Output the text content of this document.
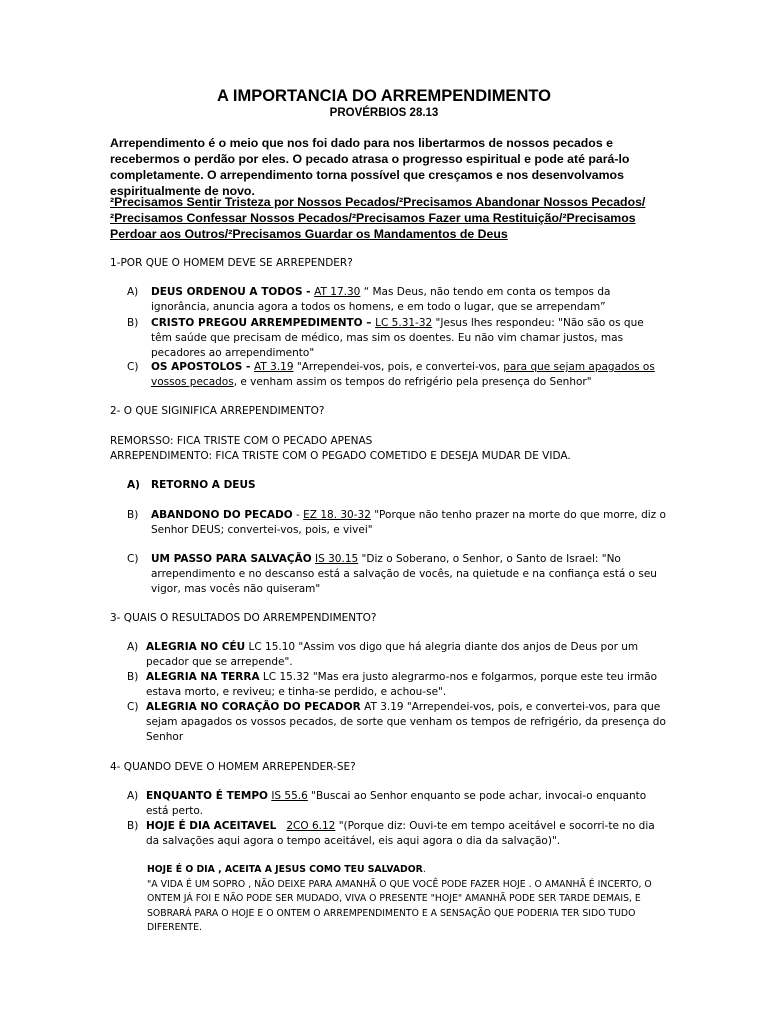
A IMPORTANCIA DO ARREMPENDIMENTO
PROVÉRBIOS 28.13
Arrependimento é o meio que nos foi dado para nos libertarmos de nossos pecados e recebermos o perdão por eles. O pecado atrasa o progresso espiritual e pode até pará-lo completamente. O arrependimento torna possível que cresçamos e nos desenvolvamos espiritualmente de novo.
²Precisamos Sentir Tristeza por Nossos Pecados/²Precisamos Abandonar Nossos Pecados/²Precisamos Confessar Nossos Pecados/²Precisamos Fazer uma Restituição/²Precisamos Perdoar aos Outros/²Precisamos Guardar os Mandamentos de Deus
1-POR QUE O HOMEM DEVE SE ARREPENDER?
A) DEUS ORDENOU A TODOS - AT 17.30 “ Mas Deus, não tendo em conta os tempos da ignorância, anuncia agora a todos os homens, e em todo o lugar, que se arrependam”
B) CRISTO PREGOU ARREMPEDIMENTO – LC 5.31-32 "Jesus lhes respondeu: "Não são os que têm saúde que precisam de médico, mas sim os doentes. Eu não vim chamar justos, mas pecadores ao arrependimento"
C) OS APOSTOLOS - AT 3.19 "Arrependei-vos, pois, e convertei-vos, para que sejam apagados os vossos pecados, e venham assim os tempos do refrigério pela presença do Senhor"
2- O QUE SIGINIFICA ARREPENDIMENTO?
REMORSSO: FICA TRISTE COM O PECADO APENAS
ARREPENDIMENTO: FICA TRISTE COM O PEGADO COMETIDO E DESEJA MUDAR DE VIDA.
A) RETORNO A DEUS
B) ABANDONO DO PECADO - EZ 18. 30-32 "Porque não tenho prazer na morte do que morre, diz o Senhor DEUS; convertei-vos, pois, e vivei"
C) UM PASSO PARA SALVAÇÃO IS 30.15 "Diz o Soberano, o Senhor, o Santo de Israel: "No arrependimento e no descanso está a salvação de vocês, na quietude e na confiança está o seu vigor, mas vocês não quiseram"
3- QUAIS O RESULTADOS DO ARREMPENDIMENTO?
A) ALEGRIA NO CÉU LC 15.10 "Assim vos digo que há alegria diante dos anjos de Deus por um pecador que se arrepende".
B) ALEGRIA NA TERRA LC 15.32 "Mas era justo alegrarmo-nos e folgarmos, porque este teu irmão estava morto, e reviveu; e tinha-se perdido, e achou-se".
C) ALEGRIA NO CORAÇÃO DO PECADOR AT 3.19 "Arrependei-vos, pois, e convertei-vos, para que sejam apagados os vossos pecados, de sorte que venham os tempos de refrigério, da presença do Senhor
4- QUANDO DEVE O HOMEM ARREPENDER-SE?
A) ENQUANTO É TEMPO IS 55.6 "Buscai ao Senhor enquanto se pode achar, invocai-o enquanto está perto.
B) HOJE É DIA ACEITAVEL 2CO 6.12 "(Porque diz: Ouvi-te em tempo aceitável e socorri-te no dia da salvações aqui agora o tempo aceitável, eis aqui agora o dia da salvação)".
HOJE É O DIA , ACEITA A JESUS COMO TEU SALVADOR.
"A VIDA É UM SOPRO , NÃO DEIXE PARA AMANHÃ O QUE VOCÊ PODE FAZER HOJE . O AMANHÃ É INCERTO, O ONTEM JÁ FOI E NÃO PODE SER MUDADO, VIVA O PRESENTE "HOJE" AMANHÃ PODE SER TARDE DEMAIS, E SOBRARÁ PARA O HOJE E O ONTEM O ARREMPENDIMENTO E A SENSAÇÃO QUE PODERIA TER SIDO TUDO DIFERENTE.
